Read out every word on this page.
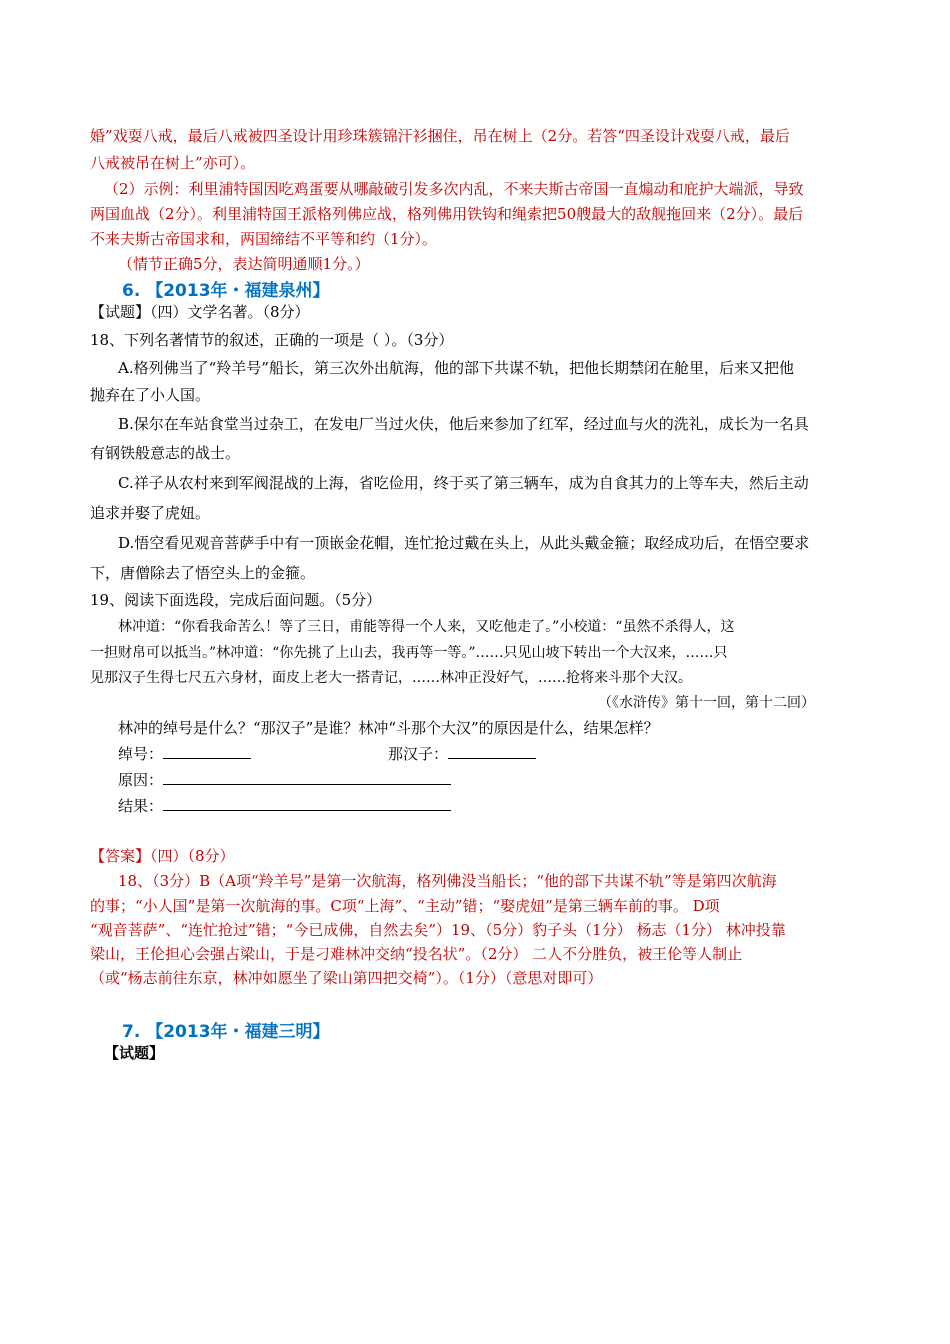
婚”戏耍八戒，最后八戒被四圣设计用珍珠簇锦汗衫捆住，吊在树上（2分。若答“四圣设计戏耍八戒，最后
八戒被吊在树上”亦可）。
（2）示例：利里浦特国因吃鸡蛋要从哪敲破引发多次内乱，不来夫斯古帝国一直煽动和庇护大端派，导致
两国血战（2分）。利里浦特国王派格列佛应战，格列佛用铁钩和绳索把50艘最大的敌舰拖回来（2分）。最后
不来夫斯古帝国求和，两国缔结不平等和约（1分）。
（情节正确5分，表达简明通顺1分。）
6. 【2013年・福建泉州】
【试题】（四）文学名著。（8分）
18、下列名著情节的叙述，正确的一项是（ ）。（3分）
A.格列佛当了“羚羊号”船长，第三次外出航海，他的部下共谋不轨，把他长期禁闭在舱里，后来又把他
抛弃在了小人国。
B.保尔在车站食堂当过杂工，在发电厂当过火伕，他后来参加了红军，经过血与火的洗礼，成长为一名具
有钢铁般意志的战士。
C.祥子从农村来到军阀混战的上海，省吃俭用，终于买了第三辆车，成为自食其力的上等车夫，然后主动
追求并娶了虎妞。
D.悟空看见观音菩萨手中有一顶嵌金花帽，连忙抢过戴在头上，从此头戴金箍；取经成功后，在悟空要求
下，唐僧除去了悟空头上的金箍。
19、阅读下面选段，完成后面问题。（5分）
林冲道：“你看我命苦么！等了三日，甫能等得一个人来，又吃他走了。”小校道：“虽然不杀得人，这
一担财帛可以抵当。”林冲道：“你先挑了上山去，我再等一等。”……只见山坡下转出一个大汉来，……只
见那汉子生得七尺五六身材，面皮上老大一搭青记，……林冲正没好气，……抢将来斗那个大汉。
（《水浒传》第十一回，第十二回）
林冲的绰号是什么？“那汉子”是谁？林冲“斗那个大汉”的原因是什么，结果怎样？
绰号：	那汉子：
原因：
结果：
【答案】（四）（8分）
18、（3分）B（A项“羚羊号”是第一次航海，格列佛没当船长；“他的部下共谋不轨”等是第四次航海
的事；“小人国”是第一次航海的事。C项“上海”、“主动”错；“娶虎妞”是第三辆车前的事。 D项
“观音菩萨”、“连忙抢过”错；“今已成佛，自然去矣”）19、（5分）豹子头（1分） 杨志（1分） 林冲投靠
梁山，王伦担心会强占梁山，于是刁难林冲交纳“投名状”。（2分） 二人不分胜负，被王伦等人制止
（或“杨志前往东京，林冲如愿坐了梁山第四把交椅”）。（1分）（意思对即可）
7. 【2013年・福建三明】
【试题】
